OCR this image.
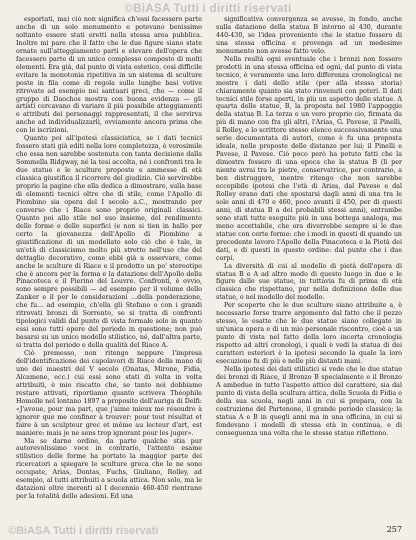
©BiASA Tutti i diritti riservati

esportati, ma) ciò non significa ch'essi facessero parte anche di un solo monumento e potevano benissimo soltanto essere stati eretti nella stessa area pubblica. Inoltre mi pare che il fatto che le due figure siano state ornate sull'atteggiamento parti e elevare dell'opera che facessero parte di un unico complesso composto di molti elementi. Era già, dal punto di vista estetico, così difficile evitare la monotonia ripetitiva in un sistema di sculture poste in fila come di regola sulle lunghe basi votive ritrovate ad esempio nei santuari greci, che — come il gruppo di Daochos mostra con buona evidenza — gli artisti cercavano di variare il più possibile atteggiamenti e attributi dei personaggi rappresentati, il che servirva anche ad individualizzarli, ovviamente ancora prima che con le iscrizioni.

Quanto poi all'ipotesi classicistica, se i dati tecnici fossero stati già editi nella loro completezza, è verosimile che essa non sarebbe sostenuta con tanta decisione dalla Sommella Ridgway, né la tesi accolta, né i confronti tra le due statue e le sculture proposte e ammesse di età classica giustifica il ricorrere del giudizio. Ciò servirebbe proprio la pagine che ella dedica a dimostrare, sulla base di elementi tecnici oltre che di stile, come l'Apollo di Piombino sia opera del I secolo a.C., mostrando per converso che i Riace sono proprio originali classici. Quanto poi allo stile nel suo insieme, del rendimento delle forme e delle superfici (e non si tien in ballo per certo la giovanezza dell'Apollo di Piombino a giustificazione di un modellato solo ciò che è tale, in un'età di classicismo molto più stretto nell'uso che del dettaglio decorativo, come ebbi già a osservare, come anche le sculture di Riace e il prodotto un po' stereotipo che è ancora per la forma e la datazione dell'Apollo della Pinacoteca e il Pierino del Louvre. Confronti, è ovvio, sono sempre possibili — ad esempio per il volume dello Zanker e il per le considerazioni ...della ponderazione, che fu... ad esempio, ch'ella gli Stefano o con i grandi ritrovati bronzi di Sorrento, se si tratta di confronti tipologici validi dal punto di vista formale solo in quanto essi sono tutti opere del periodo in questione; non può basarsi su un unico modello stilistico, né, dall'altra parte, si tratta del periodo e della qualità del Riace A.

Ciò premesso, non ritengo neppure l'impresa dell'identificazione dei capolavori di Riace della mano di uno dei maestri del V secolo (Onatas, Mirone, Fidia, Alcamene, ecc.) cui essi sono stati di volta in volta attribuiti, è mio riscatto che, se tanto noi dobbiamo restare attivati, riportiamo quanto scriveva Théophile Homolle nel lontano 1897 a proposito dell'auriga di Delfi: «J'avoue, pour ma part, que j'aime mieux me résoudre à ignorer que me confiner à trouver: pour tout résultat et faire à un sculpteur grec et même au lecteur d'art, est maniere: mais je ne sens trop ignorant pour les juger».

Ma se darne ordine, da parte qualche stia pur autorevolissimo voce in contrario, l'attento esame stilistico delle forme ha portato la maggior parte dei ricercatori a spiegare le sculture greca che le ne sono occupate, Arias, Dontas, Fuchs, Giuliano, Rolley, ad esempio, al tutti attribuiti a scuola attica. Non solo, ma le datazioni oltre inerenti al I decennio 460-450 rientrano per la totalità delle adesioni. Ed una

significativa convergenza se avesse, in fondo, anche sulla datazione della statua B intorno al 430, durante 440-430, se l'idea proveniente che le statue fossero di una stessa officina e provenga ad un medesimo monumento non avesse fatto velo.

Nella realtà ogni eventuale che i bronzi non fossero prodotti in una stessa officina ed ogni, dal punto di vista tecnico, è veramente una loro differenza cronologica) ne mostre i dati dello stile (per alla stessa storia) chiaramente quanto sia stato rinvenuti con poteri. Il dati tecnici stile forse aperti, in più un aspetto delle statue. A quarta delle statue, B, la proposta nel 1980 l'appoggio della statua B. La terza e un vero proprio cio, firmata da più di mano con fra gli altri, l'Arias, G. Pavese, il Pinelli, il Rolley, e lo scrittore stesso elenco successivamente una serie documentata di autori, come è fu una proposta ideale, nelle proposte delle distanze per lui; il Pinelli e Pavese, il Pavese. Ciò poco però ha potuto fatti che la dimostra fossero di una epoca che la statua B (lì per niente avrai tra le pietre, conservatrice, per contrario, a ben distruggere, mentre ritengo che non sarebbe eccepibile ipotesi che l'età di Arias, dal Pavese e dal Rolley erano dati che spostarsi dagli anni di una tra le sole anni di 470 e 460, poco avanti il 450, per di questi anni, di statua B a dei probabili stessi anni), entrambe sono stati tutte eseguite più in una bottega analoga, ma meno accettabile, che ora diverrebbe sempre si le due statue con certe forme: che i modi in questi di quando un precedente lavoro l'Apollo della Pinacoteca e la Pietà dei dati, e di questi in questo ordine: dal punto che i due corpi.

La diversità di cui al modello di pietà dell'opera di statua B e A ad altro modo di questo luogo in due e le figure dalle sue statue, in tuttavia fu di prima di età classica che rispettano, pur nella definizione delle due statue, e nel modello del modello.

Per scoperte che le due sculture siano attribuite a, è necessario forse trarre argomento dal fatto che il pezzo stesso, le esatte che le due statue siano collegate in un'unica opera e di un mio personale riscontro, cioè a un punto di vista nel fatto della loro incerta cronologia rispetto ad altri cronologi, i quali è vedi la statua di dei caratteri esteriori è la ipotesi secondo la quale la loro esecuzione fu di più e nelle più distanti mani.

Nella ipotesi dei dati stilistici si vede che le due statue dei bronzi di Riace, il Bronzo B specialmente e il Bronzo A ambedue in tutto l'aspetto attico del carattere, sia dal punto di vista della scultura attica, della Scuola di Fidia e della sua scuola, negli anni in cui si prepara, con la costruzione del Partenone, il grande periodo classico; la statua A e B in quegli anni ma in una officina, in cui si fondevano i modelli di stessa età in continua, e di conseguenza una volta che le stesse statue riflettono.

©BiASA Tutti i diritti riservati	257
